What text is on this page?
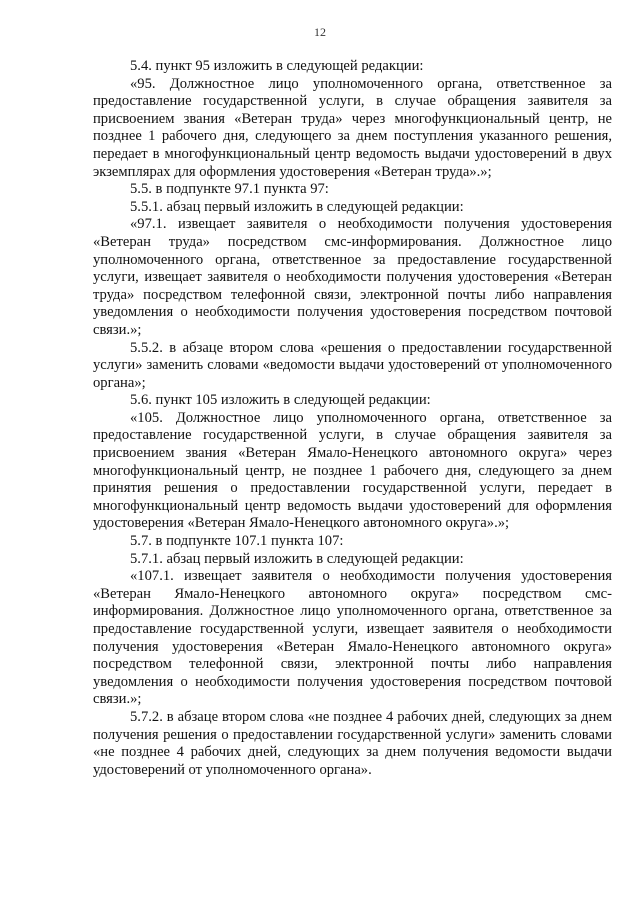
12

5.4. пункт 95 изложить в следующей редакции:

«95. Должностное лицо уполномоченного органа, ответственное за предоставление государственной услуги, в случае обращения заявителя за присвоением звания «Ветеран труда» через многофункциональный центр, не позднее 1 рабочего дня, следующего за днем поступления указанного решения, передает в многофункциональный центр ведомость выдачи удостоверений в двух экземплярах для оформления удостоверения «Ветеран труда».»;

5.5. в подпункте 97.1 пункта 97:

5.5.1. абзац первый изложить в следующей редакции:

«97.1. извещает заявителя о необходимости получения удостоверения «Ветеран труда» посредством смс-информирования. Должностное лицо уполномоченного органа, ответственное за предоставление государственной услуги, извещает заявителя о необходимости получения удостоверения «Ветеран труда» посредством телефонной связи, электронной почты либо направления уведомления о необходимости получения удостоверения посредством почтовой связи.»;

5.5.2. в абзаце втором слова «решения о предоставлении государственной услуги» заменить словами «ведомости выдачи удостоверений от уполномоченного органа»;

5.6. пункт 105 изложить в следующей редакции:

«105. Должностное лицо уполномоченного органа, ответственное за предоставление государственной услуги, в случае обращения заявителя за присвоением звания «Ветеран Ямало-Ненецкого автономного округа» через многофункциональный центр, не позднее 1 рабочего дня, следующего за днем принятия решения о предоставлении государственной услуги, передает в многофункциональный центр ведомость выдачи удостоверений для оформления удостоверения «Ветеран Ямало-Ненецкого автономного округа».»;

5.7. в подпункте 107.1 пункта 107:

5.7.1. абзац первый изложить в следующей редакции:

«107.1. извещает заявителя о необходимости получения удостоверения «Ветеран Ямало-Ненецкого автономного округа» посредством смс-информирования. Должностное лицо уполномоченного органа, ответственное за предоставление государственной услуги, извещает заявителя о необходимости получения удостоверения «Ветеран Ямало-Ненецкого автономного округа» посредством телефонной связи, электронной почты либо направления уведомления о необходимости получения удостоверения посредством почтовой связи.»;

5.7.2. в абзаце втором слова «не позднее 4 рабочих дней, следующих за днем получения решения о предоставлении государственной услуги» заменить словами «не позднее 4 рабочих дней, следующих за днем получения ведомости выдачи удостоверений от уполномоченного органа».
